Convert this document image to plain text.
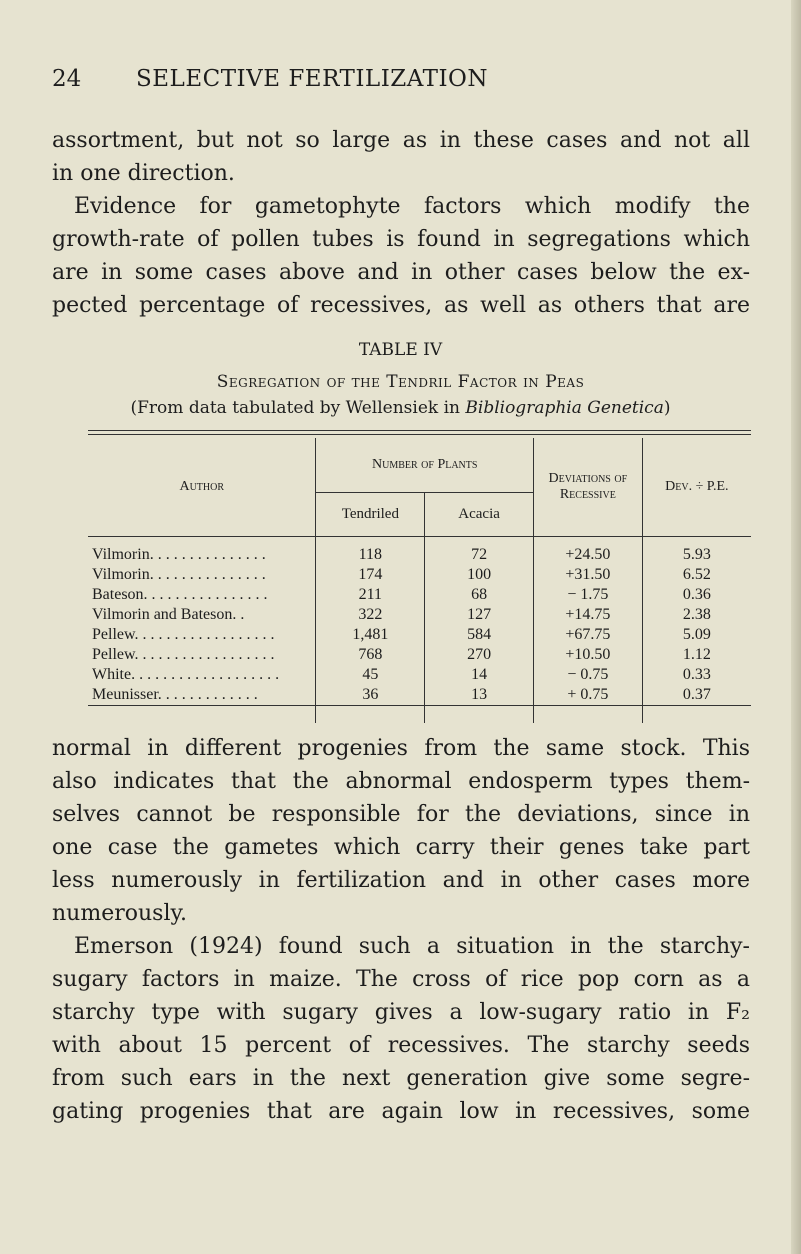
24 SELECTIVE FERTILIZATION
assortment, but not so large as in these cases and not all
in one direction.
Evidence for gametophyte factors which modify the
growth-rate of pollen tubes is found in segregations which
are in some cases above and in other cases below the ex-
pected percentage of recessives, as well as others that are
TABLE IV
Segregation of the Tendril Factor in Peas
(From data tabulated by Wellensiek in Bibliographia Genetica)
Author	Number of Plants		Deviations of Recessive	Dev. ÷ P.E.
	Tendriled	Acacia		
Vilmorin. . . . . . . . . . . . . . .	118	72	+24.50	5.93
Vilmorin. . . . . . . . . . . . . . .	174	100	+31.50	6.52
Bateson. . . . . . . . . . . . . . . .	211	68	− 1.75	0.36
Vilmorin and Bateson. .	322	127	+14.75	2.38
Pellew. . . . . . . . . . . . . . . . . .	1,481	584	+67.75	5.09
Pellew. . . . . . . . . . . . . . . . . .	768	270	+10.50	1.12
White. . . . . . . . . . . . . . . . . . .	45	14	− 0.75	0.33
Meunisser. . . . . . . . . . . . .	36	13	+ 0.75	0.37
normal in different progenies from the same stock. This
also indicates that the abnormal endosperm types them-
selves cannot be responsible for the deviations, since in
one case the gametes which carry their genes take part
less numerously in fertilization and in other cases more
numerously.
Emerson (1924) found such a situation in the starchy-
sugary factors in maize. The cross of rice pop corn as a
starchy type with sugary gives a low-sugary ratio in F₂
with about 15 percent of recessives. The starchy seeds
from such ears in the next generation give some segre-
gating progenies that are again low in recessives, some
